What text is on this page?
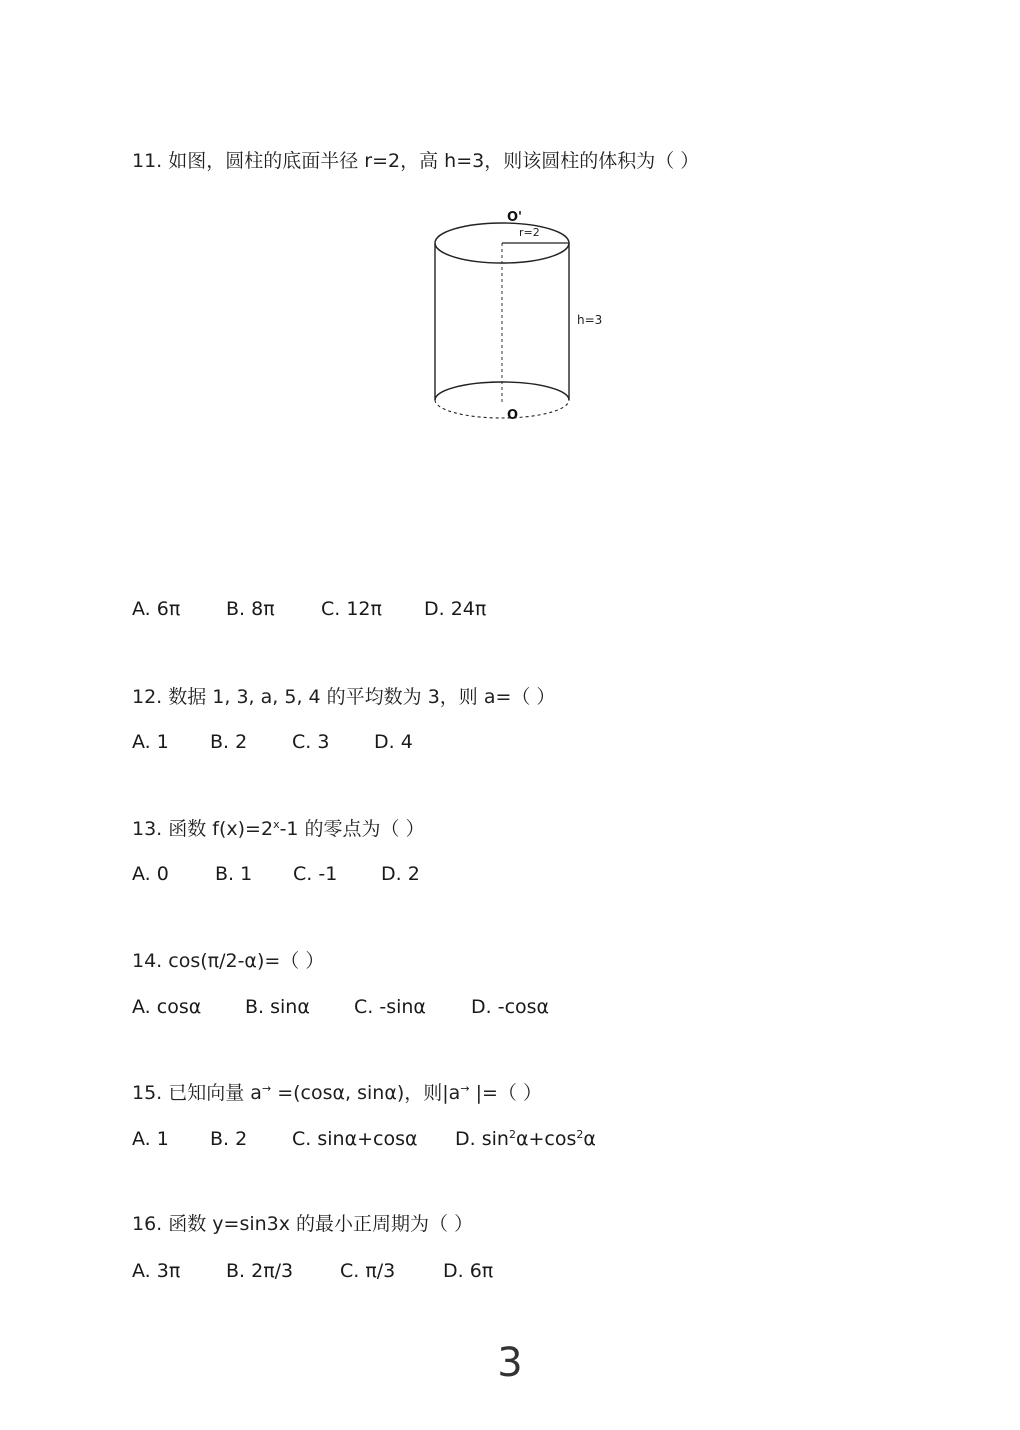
11. 如图，圆柱的底面半径 r=2，高 h=3，则该圆柱的体积为（ ）
O'
r=2
h=3
O
A. 6π B. 8π C. 12π D. 24π
12. 数据 1, 3, a, 5, 4 的平均数为 3，则 a=（ ）
A. 1 B. 2 C. 3 D. 4
13. 函数 $f(x)=2^x-1$ 的零点为（ ）
A. 0 B. 1 C. -1 D. 2
14. cos(π/2-α)=（ ）
A. cosα B. sinα C. -sinα D. -cosα
15. 已知向量 a→ =(cosα, sinα)，则|a→ |=（ ）
A. 1 B. 2 C. sinα+cosα D. $\sin^2\alpha+\cos^2\alpha$
16. 函数 y=sin3x 的最小正周期为（ ）
A. 3π B. 2π/3 C. π/3	D. 6π
3
